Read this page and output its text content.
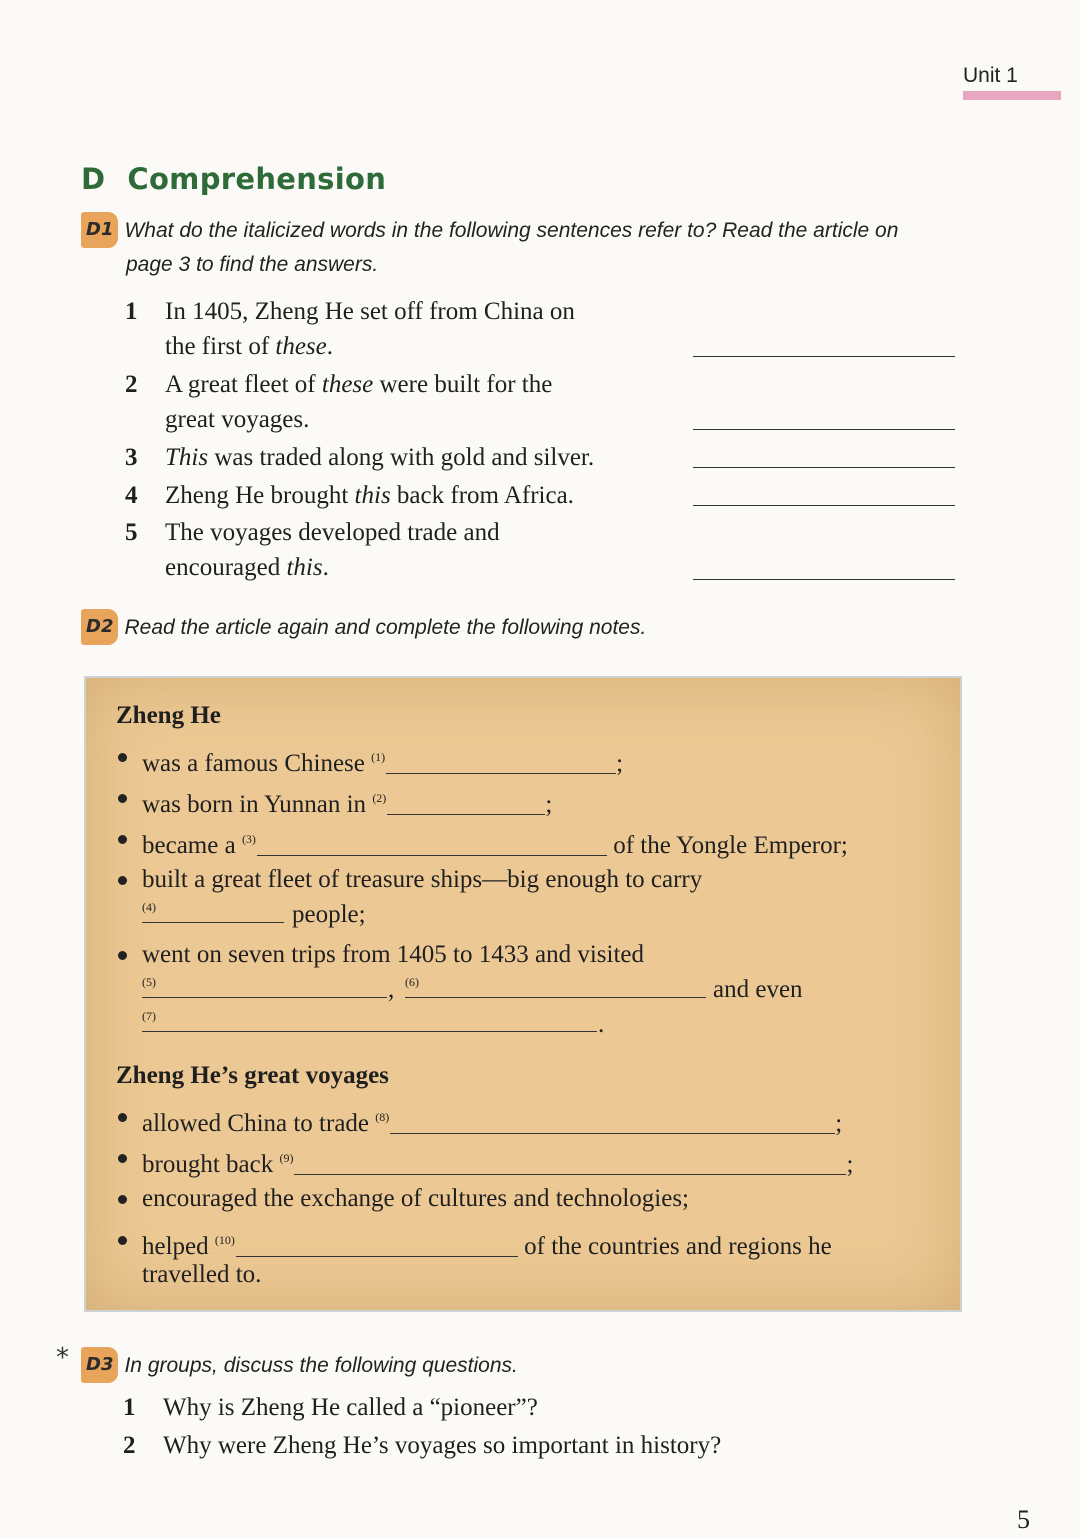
Unit 1
D Comprehension
D1 What do the italicized words in the following sentences refer to? Read the article on
page 3 to find the answers.
1	In 1405, Zheng He set off from China on
the first of these.
2	A great fleet of these were built for the
great voyages.
3	This was traded along with gold and silver.
4	Zheng He brought this back from Africa.
5	The voyages developed trade and
encouraged this.
D2 Read the article again and complete the following notes.
Zheng He
was a famous Chinese $^{(1)}$	;
was born in Yunnan in $^{(2)}$	;
became a $^{(3)}$	of the Yongle Emperor;
built a great fleet of treasure ships—big enough to carry
(4)	people;
went on seven trips from 1405 to 1433 and visited
(5)	, (6)	and even
(7)	.
Zheng He’s great voyages
allowed China to trade $^{(8)}$	;
brought back $^{(9)}$	;
encouraged the exchange of cultures and technologies;
helped $^{(10)}$	of the countries and regions he
travelled to.
* D3 In groups, discuss the following questions.
1	Why is Zheng He called a “pioneer”?
2	Why were Zheng He’s voyages so important in history?
5
